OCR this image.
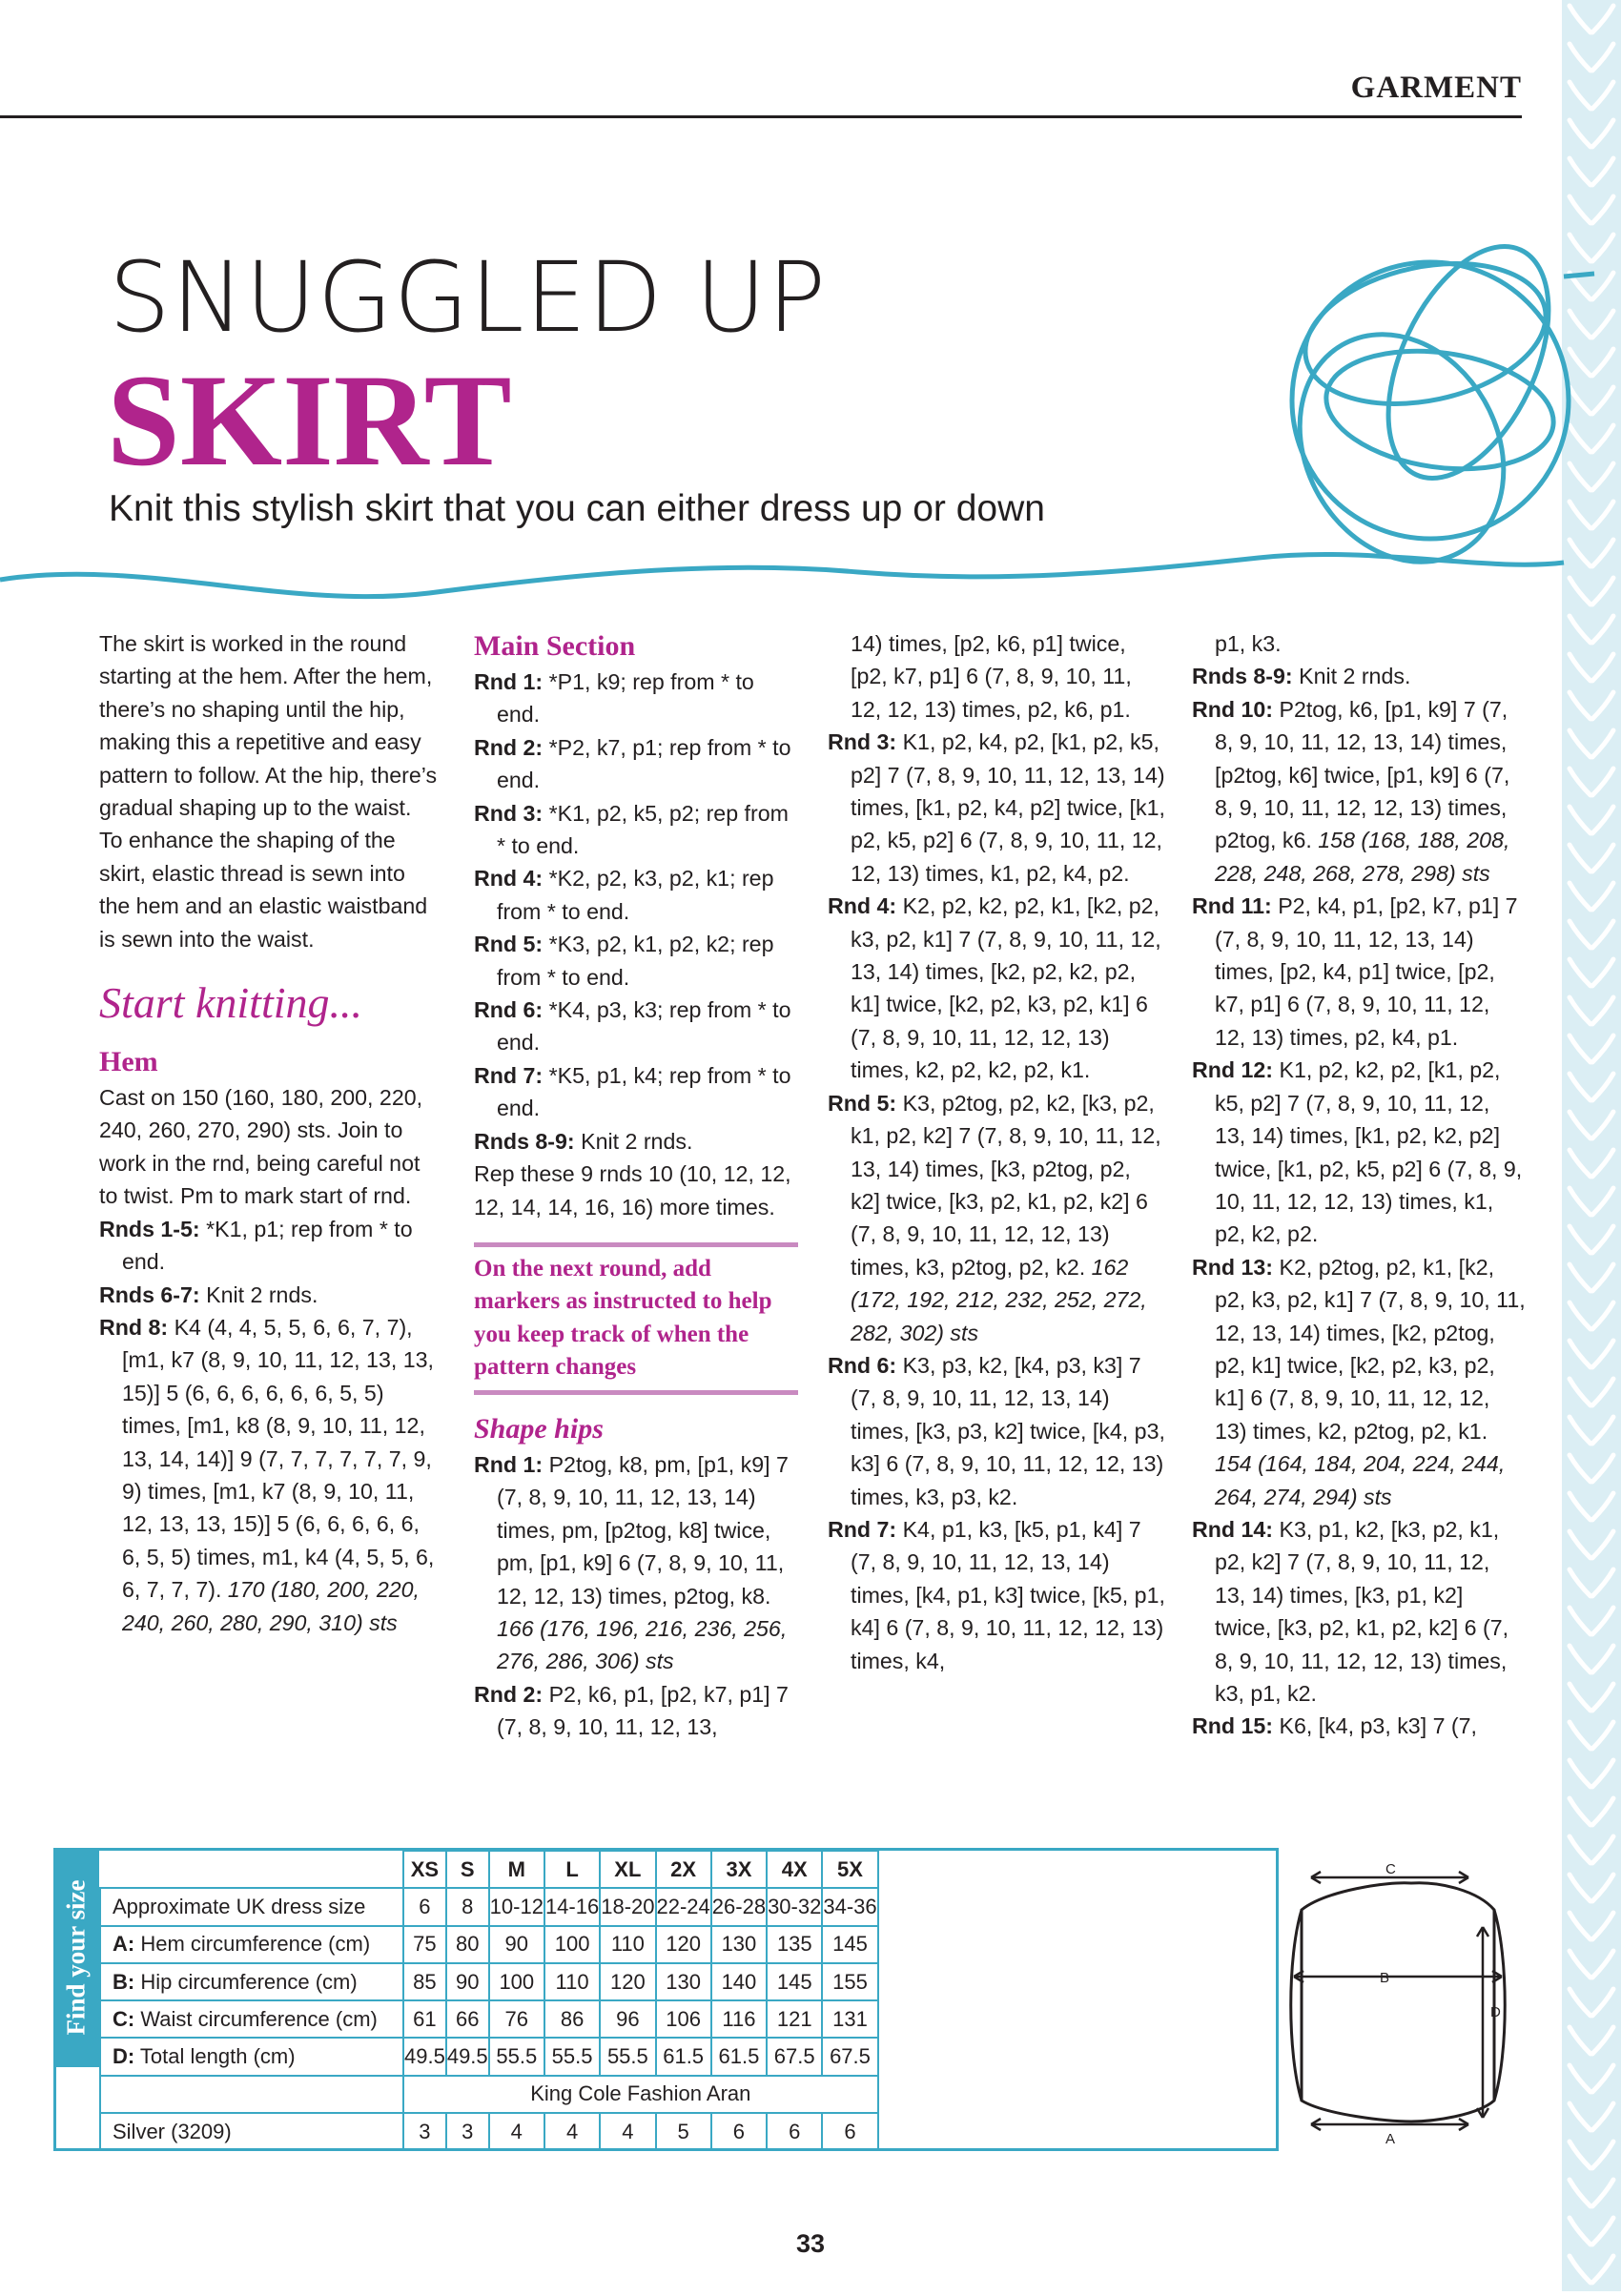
GARMENT
SNUGGLED UP
SKIRT
Knit this stylish skirt that you can either dress up or down

The skirt is worked in the round starting at the hem. After the hem, there’s no shaping until the hip, making this a repetitive and easy pattern to follow. At the hip, there’s gradual shaping up to the waist. To enhance the shaping of the skirt, elastic thread is sewn into the hem and an elastic waistband is sewn into the waist.

Start knitting...

Hem

Cast on 150 (160, 180, 200, 220, 240, 260, 270, 290) sts. Join to work in the rnd, being careful not to twist. Pm to mark start of rnd.

Rnds 1-5: *K1, p1; rep from * to end.

Rnds 6-7: Knit 2 rnds.

Rnd 8: K4 (4, 4, 5, 5, 6, 6, 7, 7), [m1, k7 (8, 9, 10, 11, 12, 13, 13, 15)] 5 (6, 6, 6, 6, 6, 6, 5, 5) times, [m1, k8 (8, 9, 10, 11, 12, 13, 14, 14)] 9 (7, 7, 7, 7, 7, 7, 9, 9) times, [m1, k7 (8, 9, 10, 11, 12, 13, 13, 15)] 5 (6, 6, 6, 6, 6, 6, 5, 5) times, m1, k4 (4, 5, 5, 6, 6, 7, 7, 7). 170 (180, 200, 220, 240, 260, 280, 290, 310) sts

Main Section

Rnd 1: *P1, k9; rep from * to end.

Rnd 2: *P2, k7, p1; rep from * to end.

Rnd 3: *K1, p2, k5, p2; rep from * to end.

Rnd 4: *K2, p2, k3, p2, k1; rep from * to end.

Rnd 5: *K3, p2, k1, p2, k2; rep from * to end.

Rnd 6: *K4, p3, k3; rep from * to end.

Rnd 7: *K5, p1, k4; rep from * to end.

Rnds 8-9: Knit 2 rnds.

Rep these 9 rnds 10 (10, 12, 12, 12, 14, 14, 16, 16) more times.

On the next round, add markers as instructed to help you keep track of when the pattern changes

Shape hips

Rnd 1: P2tog, k8, pm, [p1, k9] 7 (7, 8, 9, 10, 11, 12, 13, 14) times, pm, [p2tog, k8] twice, pm, [p1, k9] 6 (7, 8, 9, 10, 11, 12, 12, 13) times, p2tog, k8. 166 (176, 196, 216, 236, 256, 276, 286, 306) sts

Rnd 2: P2, k6, p1, [p2, k7, p1] 7 (7, 8, 9, 10, 11, 12, 13,

14) times, [p2, k6, p1] twice, [p2, k7, p1] 6 (7, 8, 9, 10, 11, 12, 12, 13) times, p2, k6, p1.

Rnd 3: K1, p2, k4, p2, [k1, p2, k5, p2] 7 (7, 8, 9, 10, 11, 12, 13, 14) times, [k1, p2, k4, p2] twice, [k1, p2, k5, p2] 6 (7, 8, 9, 10, 11, 12, 12, 13) times, k1, p2, k4, p2.

Rnd 4: K2, p2, k2, p2, k1, [k2, p2, k3, p2, k1] 7 (7, 8, 9, 10, 11, 12, 13, 14) times, [k2, p2, k2, p2, k1] twice, [k2, p2, k3, p2, k1] 6 (7, 8, 9, 10, 11, 12, 12, 13) times, k2, p2, k2, p2, k1.

Rnd 5: K3, p2tog, p2, k2, [k3, p2, k1, p2, k2] 7 (7, 8, 9, 10, 11, 12, 13, 14) times, [k3, p2tog, p2, k2] twice, [k3, p2, k1, p2, k2] 6 (7, 8, 9, 10, 11, 12, 12, 13) times, k3, p2tog, p2, k2. 162 (172, 192, 212, 232, 252, 272, 282, 302) sts

Rnd 6: K3, p3, k2, [k4, p3, k3] 7 (7, 8, 9, 10, 11, 12, 13, 14) times, [k3, p3, k2] twice, [k4, p3, k3] 6 (7, 8, 9, 10, 11, 12, 12, 13) times, k3, p3, k2.

Rnd 7: K4, p1, k3, [k5, p1, k4] 7 (7, 8, 9, 10, 11, 12, 13, 14) times, [k4, p1, k3] twice, [k5, p1, k4] 6 (7, 8, 9, 10, 11, 12, 12, 13) times, k4,

p1, k3.

Rnds 8-9: Knit 2 rnds.

Rnd 10: P2tog, k6, [p1, k9] 7 (7, 8, 9, 10, 11, 12, 13, 14) times, [p2tog, k6] twice, [p1, k9] 6 (7, 8, 9, 10, 11, 12, 12, 13) times, p2tog, k6. 158 (168, 188, 208, 228, 248, 268, 278, 298) sts

Rnd 11: P2, k4, p1, [p2, k7, p1] 7 (7, 8, 9, 10, 11, 12, 13, 14) times, [p2, k4, p1] twice, [p2, k7, p1] 6 (7, 8, 9, 10, 11, 12, 12, 13) times, p2, k4, p1.

Rnd 12: K1, p2, k2, p2, [k1, p2, k5, p2] 7 (7, 8, 9, 10, 11, 12, 13, 14) times, [k1, p2, k2, p2] twice, [k1, p2, k5, p2] 6 (7, 8, 9, 10, 11, 12, 12, 13) times, k1, p2, k2, p2.

Rnd 13: K2, p2tog, p2, k1, [k2, p2, k3, p2, k1] 7 (7, 8, 9, 10, 11, 12, 13, 14) times, [k2, p2tog, p2, k1] twice, [k2, p2, k3, p2, k1] 6 (7, 8, 9, 10, 11, 12, 12, 13) times, k2, p2tog, p2, k1. 154 (164, 184, 204, 224, 244, 264, 274, 294) sts

Rnd 14: K3, p1, k2, [k3, p2, k1, p2, k2] 7 (7, 8, 9, 10, 11, 12, 13, 14) times, [k3, p1, k2] twice, [k3, p2, k1, p2, k2] 6 (7, 8, 9, 10, 11, 12, 12, 13) times, k3, p1, k2.

Rnd 15: K6, [k4, p3, k3] 7 (7,

Find your size
	XS	S	M	L	XL	2X	3X	4X	5X
Approximate UK dress size	6	8	10-12	14-16	18-20	22-24	26-28	30-32	34-36
A: Hem circumference (cm)	75	80	90	100	110	120	130	135	145
B: Hip circumference (cm)	85	90	100	110	120	130	140	145	155
C: Waist circumference (cm)	61	66	76	86	96	106	116	121	131
D: Total length (cm)	49.5	49.5	55.5	55.5	55.5	61.5	61.5	67.5	67.5
	King Cole Fashion Aran								
Silver (3209)	3	3	4	4	4	5	6	6	6
C
B
A
D
33
